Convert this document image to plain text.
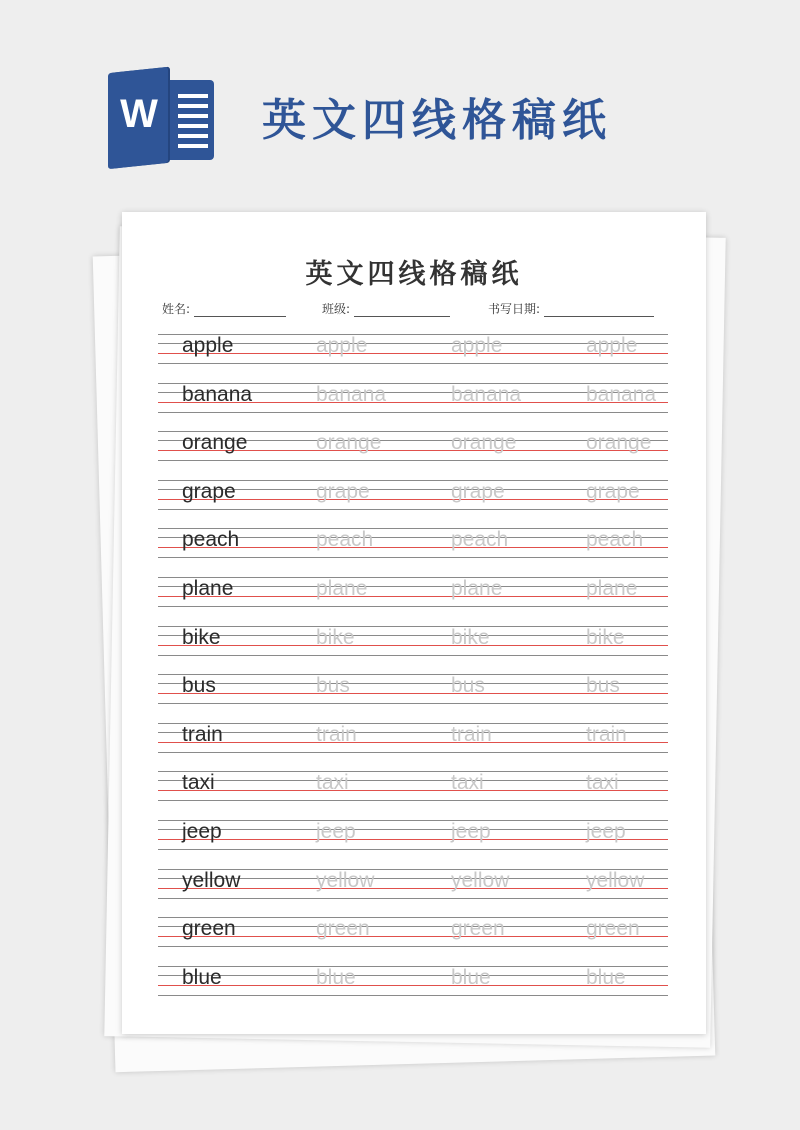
W 英文四线格稿纸
英文四线格稿纸
姓名:	班级:	书写日期:
apple	apple	apple	apple
banana	banana	banana	banana
orange	orange	orange	orange
grape	grape	grape	grape
peach	peach	peach	peach
plane	plane	plane	plane
bike	bike	bike	bike
bus	bus	bus	bus
train	train	train	train
taxi	taxi	taxi	taxi
jeep	jeep	jeep	jeep
yellow	yellow	yellow	yellow
green	green	green	green
blue	blue	blue	blue
